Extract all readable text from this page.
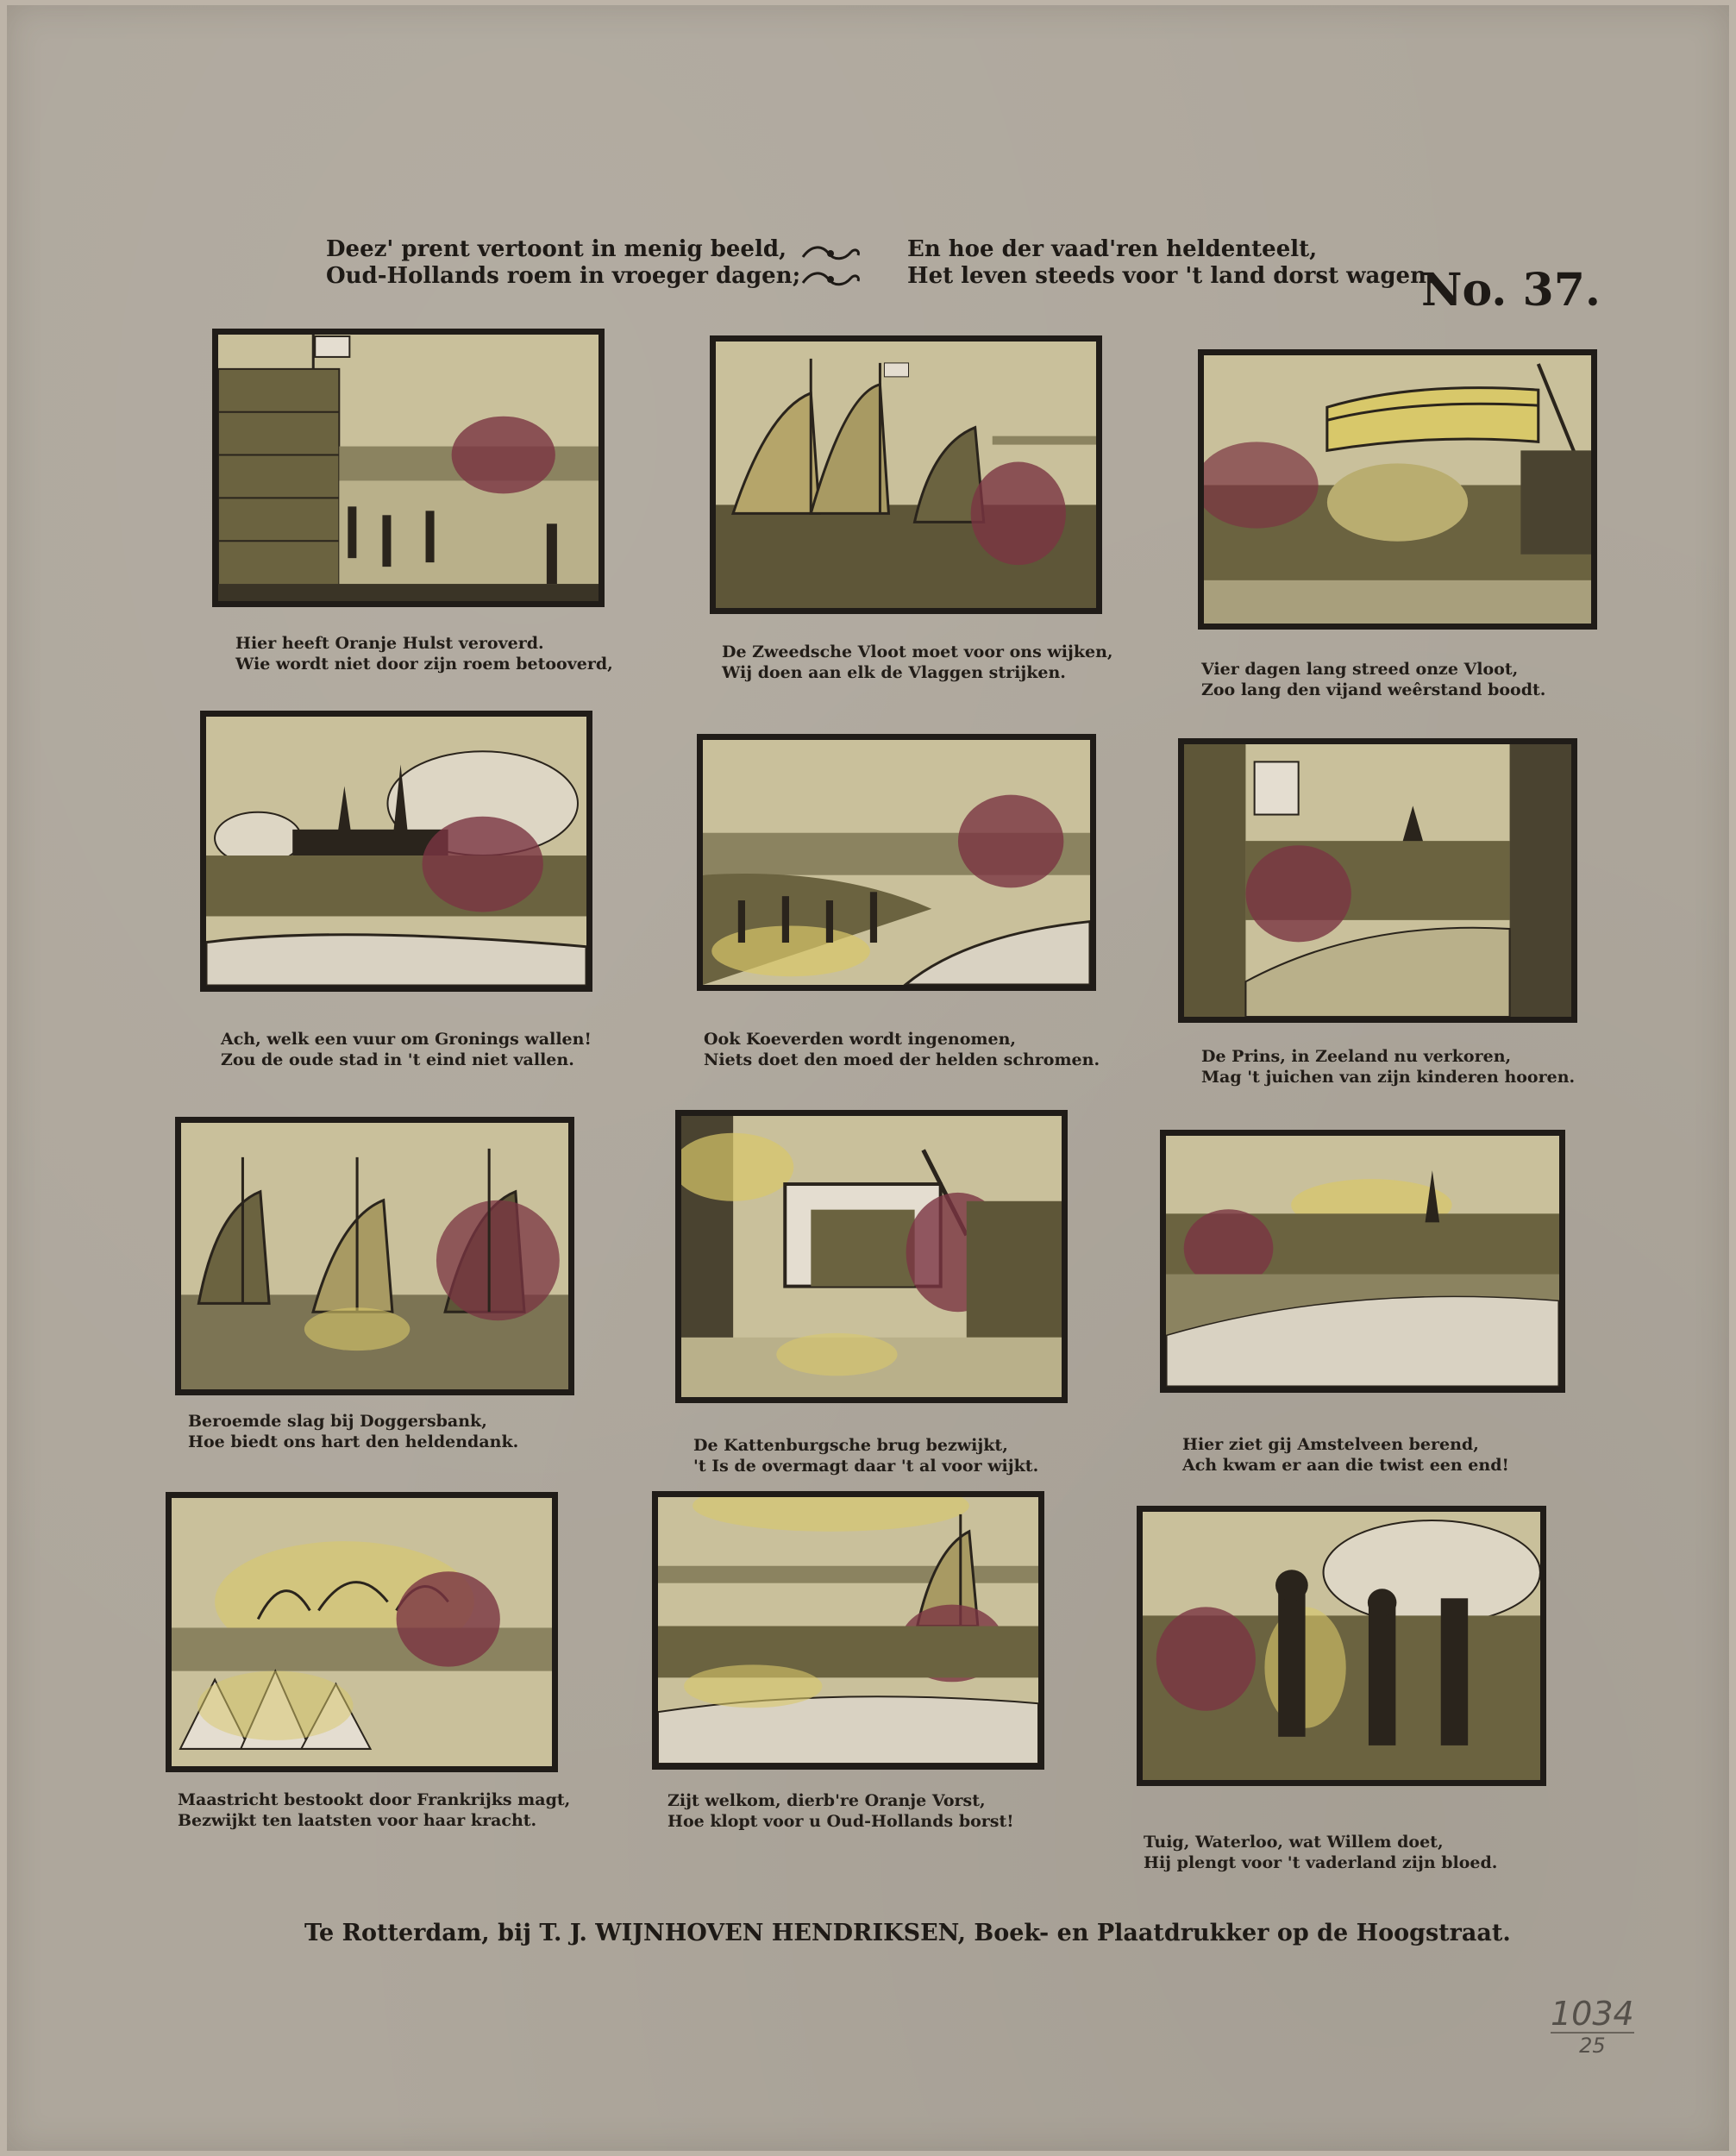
Deez' prent vertoont in menig beeld,
Oud-Hollands roem in vroeger dagen;
En hoe der vaad'ren heldenteelt,
Het leven steeds voor 't land dorst wagen.
No. 37.
Hier heeft Oranje Hulst veroverd.
Wie wordt niet door zijn roem betooverd,
De Zweedsche Vloot moet voor ons wijken,
Wij doen aan elk de Vlaggen strijken.	Vier dagen lang streed onze Vloot,
Zoo lang den vijand weêrstand boodt.
Ach, welk een vuur om Gronings wallen!
Zou de oude stad in 't eind niet vallen.
Ook Koeverden wordt ingenomen,
Niets doet den moed der helden schromen.	De Prins, in Zeeland nu verkoren,
Mag 't juichen van zijn kinderen hooren.
Beroemde slag bij Doggersbank,
Hoe biedt ons hart den heldendank.	De Kattenburgsche brug bezwijkt,
't Is de overmagt daar 't al voor wijkt.
Hier ziet gij Amstelveen berend,
Ach kwam er aan die twist een end!
Maastricht bestookt door Frankrijks magt,
Bezwijkt ten laatsten voor haar kracht.
Zijt welkom, dierb're Oranje Vorst,
Hoe klopt voor u Oud-Hollands borst!
Tuig, Waterloo, wat Willem doet,
Hij plengt voor 't vaderland zijn bloed.
Te Rotterdam, bij T. J. WIJNHOVEN HENDRIKSEN, Boek- en Plaatdrukker op de Hoogstraat.
1034
25
